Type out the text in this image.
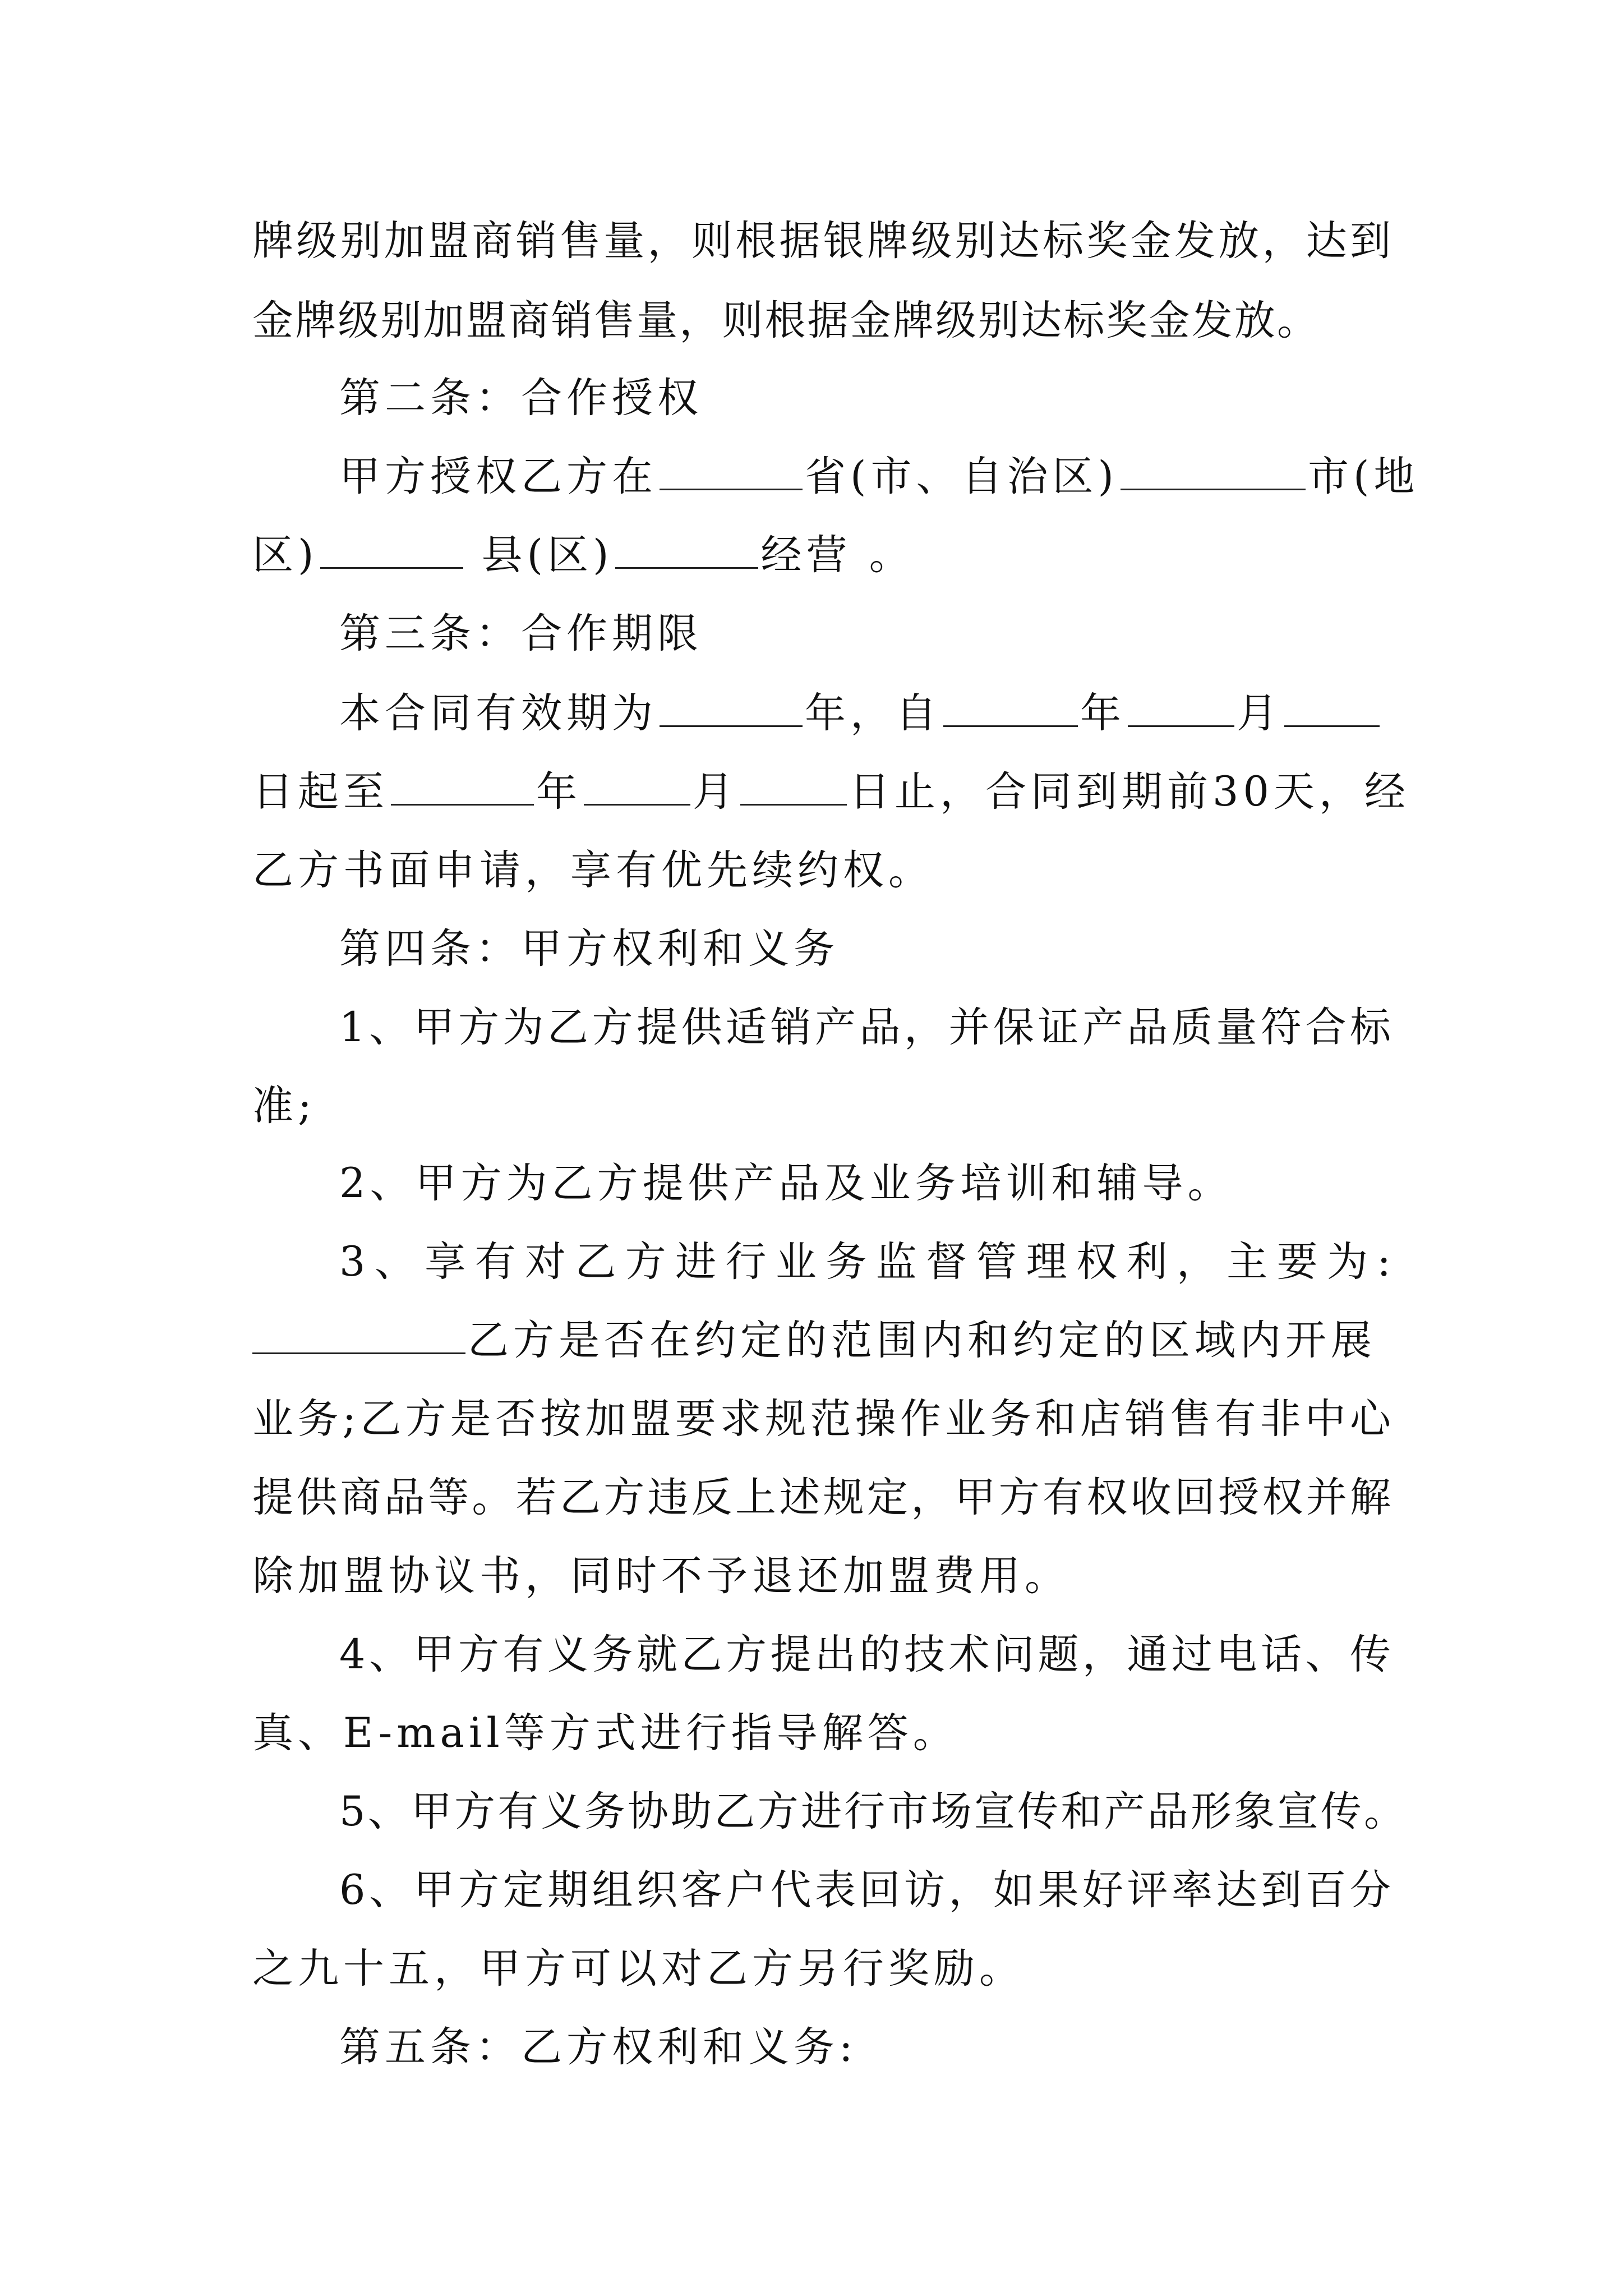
牌级别加盟商销售量，则根据银牌级别达标奖金发放，达到
金牌级别加盟商销售量，则根据金牌级别达标奖金发放。
第二条：合作授权
甲方授权乙方在	省(市、自治区)	市(地
区)	县(区)	经营 。
第三条：合作期限
本合同有效期为	年，自	年	月
日起至	年	月	日止，合同到期前30天，经
乙方书面申请，享有优先续约权。
第四条：甲方权利和义务
1、甲方为乙方提供适销产品，并保证产品质量符合标
准;
2、甲方为乙方提供产品及业务培训和辅导。
3、享有对乙方进行业务监督管理权利，主要为:
乙方是否在约定的范围内和约定的区域内开展
业务;乙方是否按加盟要求规范操作业务和店销售有非中心
提供商品等。若乙方违反上述规定，甲方有权收回授权并解
除加盟协议书，同时不予退还加盟费用。
4、甲方有义务就乙方提出的技术问题，通过电话、传
真、E-mail等方式进行指导解答。
5、甲方有义务协助乙方进行市场宣传和产品形象宣传。
6、甲方定期组织客户代表回访，如果好评率达到百分
之九十五，甲方可以对乙方另行奖励。
第五条：乙方权利和义务:
